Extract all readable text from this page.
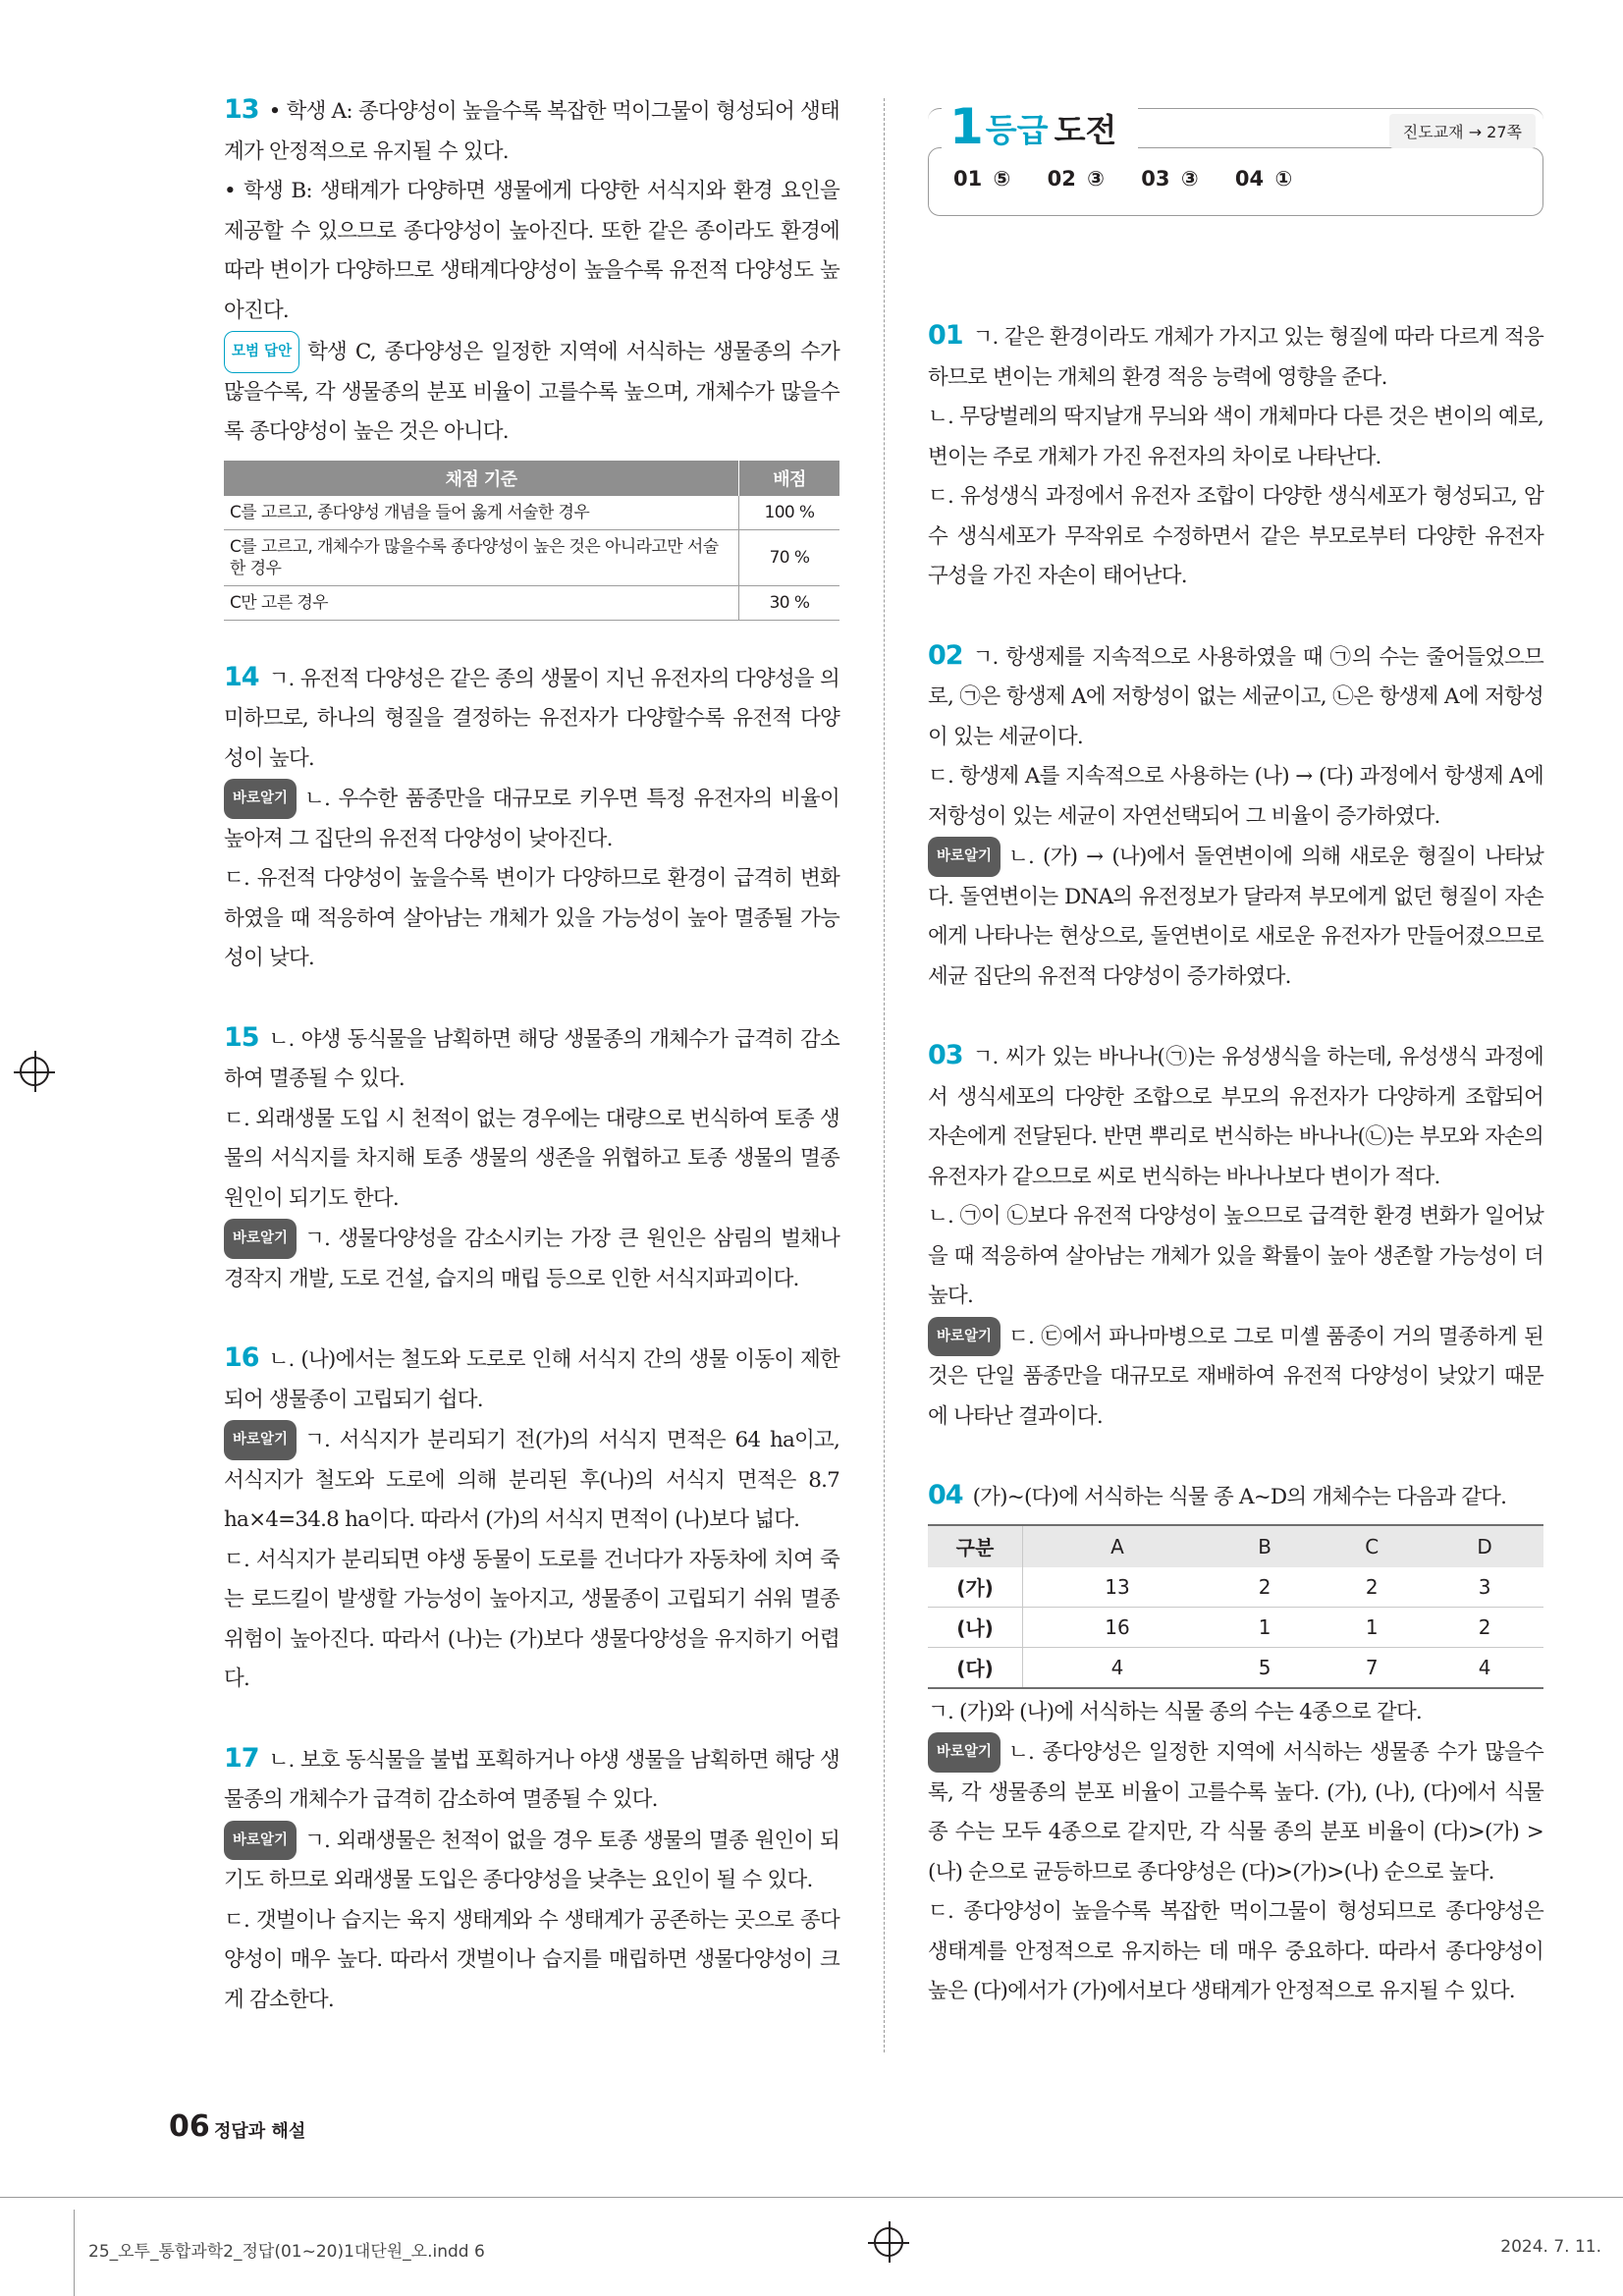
13 • 학생 A: 종다양성이 높을수록 복잡한 먹이그물이 형성되어 생태계가 안정적으로 유지될 수 있다.

• 학생 B: 생태계가 다양하면 생물에게 다양한 서식지와 환경 요인을 제공할 수 있으므로 종다양성이 높아진다. 또한 같은 종이라도 환경에 따라 변이가 다양하므로 생태계다양성이 높을수록 유전적 다양성도 높아진다.

모범 답안 학생 C, 종다양성은 일정한 지역에 서식하는 생물종의 수가 많을수록, 각 생물종의 분포 비율이 고를수록 높으며, 개체수가 많을수록 종다양성이 높은 것은 아니다.

채점 기준	배점
C를 고르고, 종다양성 개념을 들어 옳게 서술한 경우	100 %
C를 고르고, 개체수가 많을수록 종다양성이 높은 것은 아니라고만 서술한 경우	70 %
C만 고른 경우	30 %

14 ㄱ. 유전적 다양성은 같은 종의 생물이 지닌 유전자의 다양성을 의미하므로, 하나의 형질을 결정하는 유전자가 다양할수록 유전적 다양성이 높다.

바로알기 ㄴ. 우수한 품종만을 대규모로 키우면 특정 유전자의 비율이 높아져 그 집단의 유전적 다양성이 낮아진다.

ㄷ. 유전적 다양성이 높을수록 변이가 다양하므로 환경이 급격히 변화하였을 때 적응하여 살아남는 개체가 있을 가능성이 높아 멸종될 가능성이 낮다.

15 ㄴ. 야생 동식물을 남획하면 해당 생물종의 개체수가 급격히 감소하여 멸종될 수 있다.

ㄷ. 외래생물 도입 시 천적이 없는 경우에는 대량으로 번식하여 토종 생물의 서식지를 차지해 토종 생물의 생존을 위협하고 토종 생물의 멸종 원인이 되기도 한다.

바로알기 ㄱ. 생물다양성을 감소시키는 가장 큰 원인은 삼림의 벌채나 경작지 개발, 도로 건설, 습지의 매립 등으로 인한 서식지파괴이다.

16 ㄴ. (나)에서는 철도와 도로로 인해 서식지 간의 생물 이동이 제한되어 생물종이 고립되기 쉽다.

바로알기 ㄱ. 서식지가 분리되기 전(가)의 서식지 면적은 64 ha이고, 서식지가 철도와 도로에 의해 분리된 후(나)의 서식지 면적은 8.7 ha×4=34.8 ha이다. 따라서 (가)의 서식지 면적이 (나)보다 넓다.

ㄷ. 서식지가 분리되면 야생 동물이 도로를 건너다가 자동차에 치여 죽는 로드킬이 발생할 가능성이 높아지고, 생물종이 고립되기 쉬워 멸종 위험이 높아진다. 따라서 (나)는 (가)보다 생물다양성을 유지하기 어렵다.

17 ㄴ. 보호 동식물을 불법 포획하거나 야생 생물을 남획하면 해당 생물종의 개체수가 급격히 감소하여 멸종될 수 있다.

바로알기 ㄱ. 외래생물은 천적이 없을 경우 토종 생물의 멸종 원인이 되기도 하므로 외래생물 도입은 종다양성을 낮추는 요인이 될 수 있다.

ㄷ. 갯벌이나 습지는 육지 생태계와 수 생태계가 공존하는 곳으로 종다양성이 매우 높다. 따라서 갯벌이나 습지를 매립하면 생물다양성이 크게 감소한다.

1 등급 도전	진도교재 → 27쪽
01 ⑤ 02 ③ 03 ③ 04 ①

01 ㄱ. 같은 환경이라도 개체가 가지고 있는 형질에 따라 다르게 적응하므로 변이는 개체의 환경 적응 능력에 영향을 준다.

ㄴ. 무당벌레의 딱지날개 무늬와 색이 개체마다 다른 것은 변이의 예로, 변이는 주로 개체가 가진 유전자의 차이로 나타난다.

ㄷ. 유성생식 과정에서 유전자 조합이 다양한 생식세포가 형성되고, 암수 생식세포가 무작위로 수정하면서 같은 부모로부터 다양한 유전자 구성을 가진 자손이 태어난다.

02 ㄱ. 항생제를 지속적으로 사용하였을 때 ㉠의 수는 줄어들었으므로, ㉠은 항생제 A에 저항성이 없는 세균이고, ㉡은 항생제 A에 저항성이 있는 세균이다.

ㄷ. 항생제 A를 지속적으로 사용하는 (나) → (다) 과정에서 항생제 A에 저항성이 있는 세균이 자연선택되어 그 비율이 증가하였다.

바로알기 ㄴ. (가) → (나)에서 돌연변이에 의해 새로운 형질이 나타났다. 돌연변이는 DNA의 유전정보가 달라져 부모에게 없던 형질이 자손에게 나타나는 현상으로, 돌연변이로 새로운 유전자가 만들어졌으므로 세균 집단의 유전적 다양성이 증가하였다.

03 ㄱ. 씨가 있는 바나나(㉠)는 유성생식을 하는데, 유성생식 과정에서 생식세포의 다양한 조합으로 부모의 유전자가 다양하게 조합되어 자손에게 전달된다. 반면 뿌리로 번식하는 바나나(㉡)는 부모와 자손의 유전자가 같으므로 씨로 번식하는 바나나보다 변이가 적다.

ㄴ. ㉠이 ㉡보다 유전적 다양성이 높으므로 급격한 환경 변화가 일어났을 때 적응하여 살아남는 개체가 있을 확률이 높아 생존할 가능성이 더 높다.

바로알기 ㄷ. ㉢에서 파나마병으로 그로 미셸 품종이 거의 멸종하게 된 것은 단일 품종만을 대규모로 재배하여 유전적 다양성이 낮았기 때문에 나타난 결과이다.

04 (가)~(다)에 서식하는 식물 종 A~D의 개체수는 다음과 같다.

구분	A	B	C	D
(가)	13	2	2	3
(나)	16	1	1	2
(다)	4	5	7	4

ㄱ. (가)와 (나)에 서식하는 식물 종의 수는 4종으로 같다.

바로알기 ㄴ. 종다양성은 일정한 지역에 서식하는 생물종 수가 많을수록, 각 생물종의 분포 비율이 고를수록 높다. (가), (나), (다)에서 식물 종 수는 모두 4종으로 같지만, 각 식물 종의 분포 비율이 (다)>(가) >(나) 순으로 균등하므로 종다양성은 (다)>(가)>(나) 순으로 높다.

ㄷ. 종다양성이 높을수록 복잡한 먹이그물이 형성되므로 종다양성은 생태계를 안정적으로 유지하는 데 매우 중요하다. 따라서 종다양성이 높은 (다)에서가 (가)에서보다 생태계가 안정적으로 유지될 수 있다.

06 정답과 해설
25_오투_통합과학2_정답(01~20)1대단원_오.indd 6	2024. 7. 11.
